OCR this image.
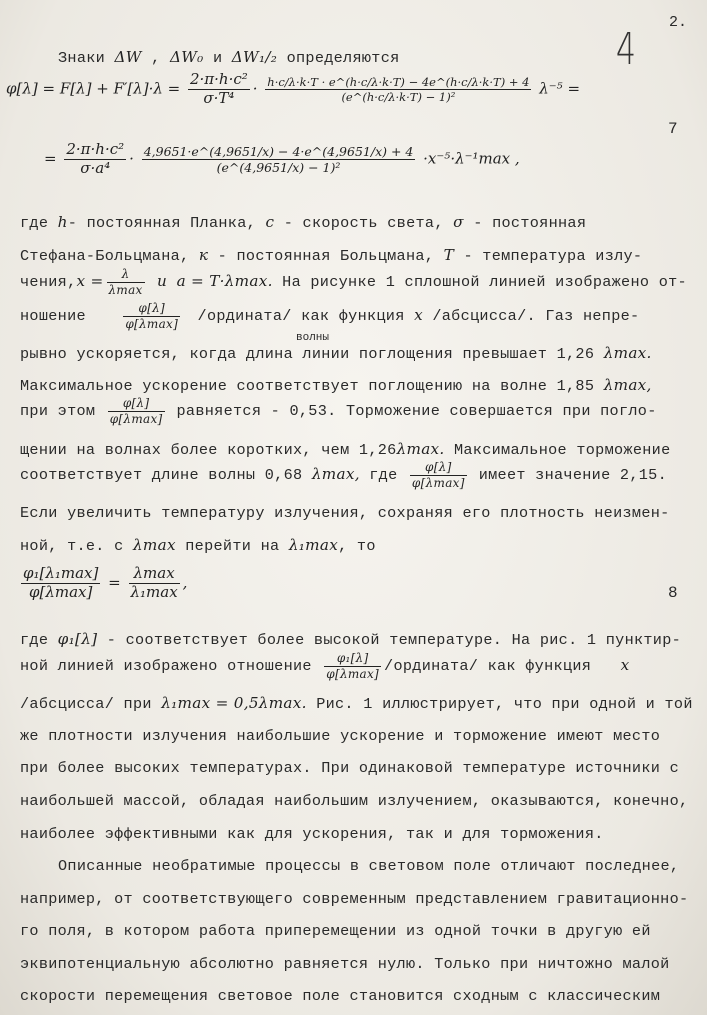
2.
4
Знаки ΔW , ΔW₀ и ΔW₁/₂ определяются
$\varphi[\lambda] = F[\lambda] + F'[\lambda]\cdot\lambda = \frac{\text{2·π·h·c²}}{\text{σ·T⁴}} \cdot \frac{h\cdot c/\lambda\cdot k\cdot T \cdot e\^{}(h\cdot c/\lambda\cdot k\cdot T) - 4e\^{}(h\cdot c/\lambda\cdot k\cdot T) + 4}{\text{(e\textasciicircum{}(h·c/λ·k·T) − 1)²}} \lambda^{-5}$ =
= $\frac{\text{2·π·h·c²}}{\text{σ·a⁴}} \cdot \frac{4,9651\cdot e\^{}(4,9651/x) - 4\cdot e\^{}(4,9651/x) + 4}{\text{(e\textasciicircum{}(4,9651/x) − 1)²}} \cdot x^{-5}\cdot\lambda^{-1}\max$ ,
7
где h- постоянная Планка, c - скорость света, σ - постоянная
Стефана-Больцмана, к - постоянная Больцмана, T - температура излу-
чения,x = $\frac{\lambda}{\lambda\max}$ и a = T·λmax. На рисунке 1 сплошной линией изображено от-
ношение	$\frac{\varphi[\lambda]}{\varphi[\lambda\max]}$ /ордината/ как функция x /абсцисса/. Газ непре-
волны
рывно ускоряется, когда длина линии поглощения превышает 1,26 λmax.
Максимальное ускорение соответствует поглощению на волне 1,85 λmax,
при этом $\frac{\varphi[\lambda]}{\varphi[\lambda\max]}$ равняется - 0,53. Торможение совершается при погло-
щении на волнах более коротких, чем 1,26λmax. Максимальное торможение
соответствует длине волны 0,68 λmax, где $\frac{\varphi[\lambda]}{\varphi[\lambda\max]}$ имеет значение 2,15.
Если увеличить температуру излучения, сохраняя его плотность неизмен-
ной, т.е. с λmax перейти на λ₁max, то
$\frac{\text{φ₁[λ₁max]}}{\varphi[\lambda\max]} = \frac{\lambda\max}{\text{λ₁max}}$ ,
8
где φ₁[λ] - соответствует более высокой температуре. На рис. 1 пунктир-
ной линией изображено отношение $\frac{\text{φ₁[λ]}}{\varphi[\lambda\max]}$ /ордината/ как функция x
/абсцисса/ при λ₁max = 0,5λmax. Рис. 1 иллюстрирует, что при одной и той
же плотности излучения наибольшие ускорение и торможение имеют место
при более высоких температурах. При одинаковой температуре источники с
наибольшей массой, обладая наибольшим излучением, оказываются, конечно,
наиболее эффективными как для ускорения, так и для торможения.
Описанные необратимые процессы в световом поле отличают последнее,
например, от соответствующего современным представлением гравитационно-
го поля, в котором работа приперемещении из одной точки в другую ей
эквипотенциальную абсолютно равняется нулю. Только при ничтожно малой
скорости перемещения световое поле становится сходным с классическим
